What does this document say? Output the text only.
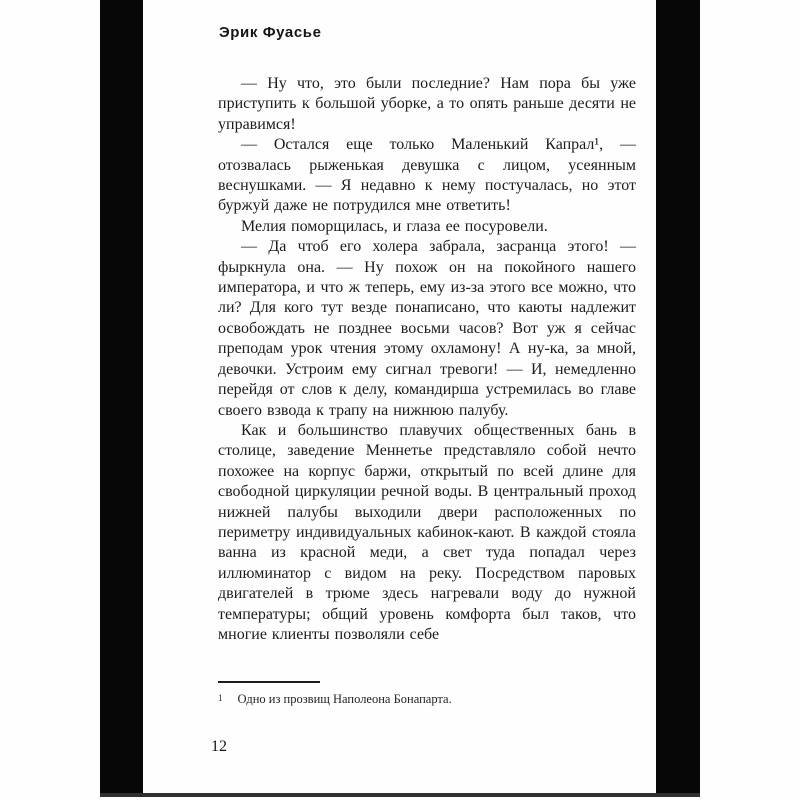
Эрик Фуасье

— Ну что, это были последние? Нам пора бы уже приступить к большой уборке, а то опять раньше десяти не управимся!

— Остался еще только Маленький Капрал¹, — отозвалась рыженькая девушка с лицом, усеянным веснушками. — Я недавно к нему постучалась, но этот буржуй даже не потрудился мне ответить!

Мелия поморщилась, и глаза ее посуровели.

— Да чтоб его холера забрала, засранца этого! — фыркнула она. — Ну похож он на покойного нашего императора, и что ж теперь, ему из-за этого все можно, что ли? Для кого тут везде понаписано, что каюты надлежит освобождать не позднее восьми часов? Вот уж я сейчас преподам урок чтения этому охламону! А ну-ка, за мной, девочки. Устроим ему сигнал тревоги! — И, немедленно перейдя от слов к делу, командирша устремилась во главе своего взвода к трапу на нижнюю палубу.

Как и большинство плавучих общественных бань в столице, заведение Меннетье представляло собой нечто похожее на корпус баржи, открытый по всей длине для свободной циркуляции речной воды. В центральный проход нижней палубы выходили двери расположенных по периметру индивидуальных кабинок-кают. В каждой стояла ванна из красной меди, а свет туда попадал через иллюминатор с видом на реку. Посредством паровых двигателей в трюме здесь нагревали воду до нужной температуры; общий уровень комфорта был таков, что многие клиенты позволяли себе

$^1$ Одно из прозвищ Наполеона Бонапарта.
12
